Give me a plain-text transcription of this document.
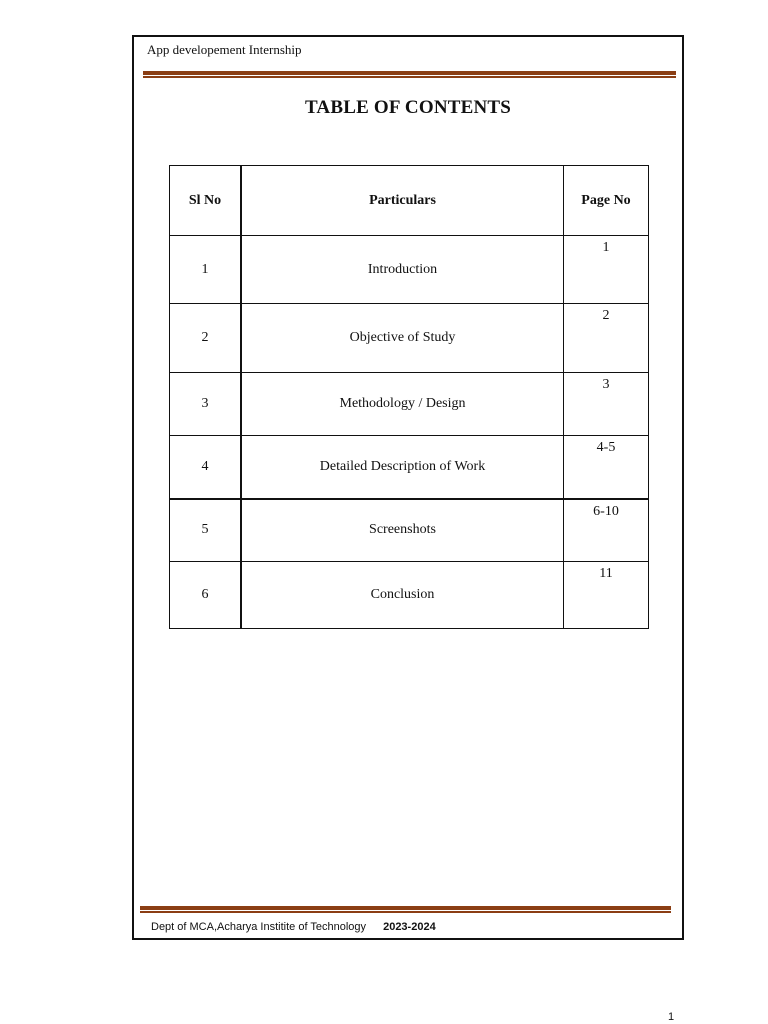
App developement Internship
TABLE OF CONTENTS
Sl No	Particulars	Page No
1	Introduction	1
2	Objective of Study	2
3	Methodology / Design	3
4	Detailed Description of Work	4-5
5	Screenshots	6-10
6	Conclusion	11
Dept of MCA,Acharya Institite of Technology 2023-2024
1
